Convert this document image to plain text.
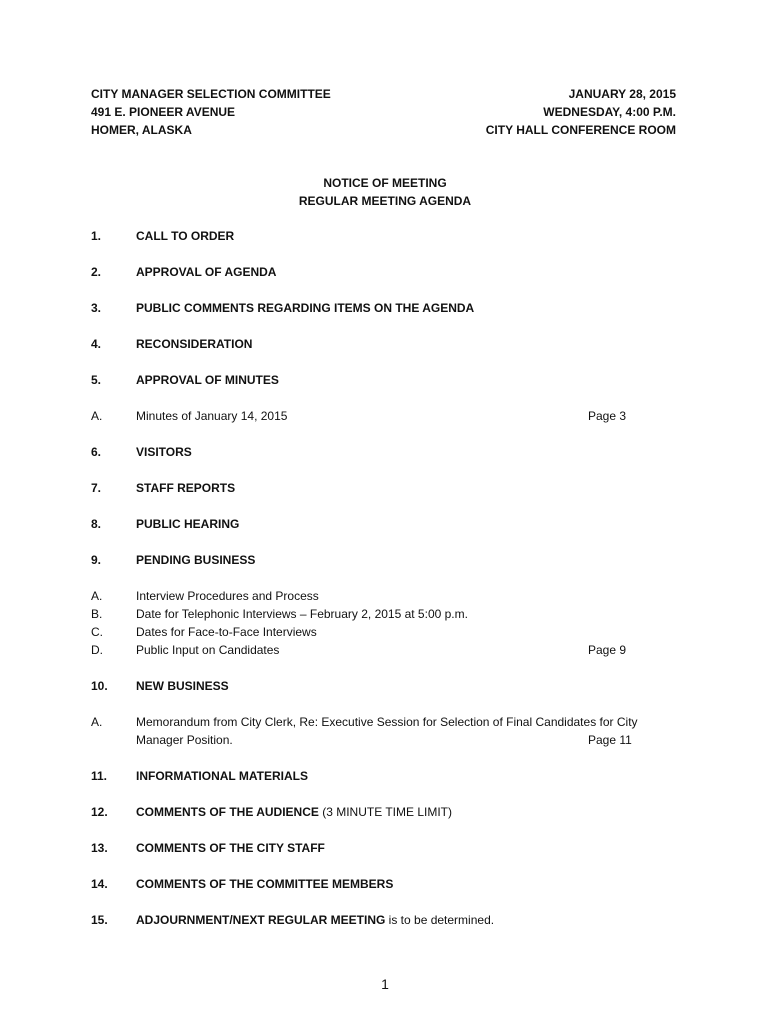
CITY MANAGER SELECTION COMMITTEE
491 E. PIONEER AVENUE
HOMER, ALASKA
JANUARY 28, 2015
WEDNESDAY, 4:00 P.M.
CITY HALL CONFERENCE ROOM
NOTICE OF MEETING
REGULAR MEETING AGENDA
1.	CALL TO ORDER
2.	APPROVAL OF AGENDA
3.	PUBLIC COMMENTS REGARDING ITEMS ON THE AGENDA
4.	RECONSIDERATION
5.	APPROVAL OF MINUTES
A.	Minutes of January 14, 2015	Page 3
6.	VISITORS
7.	STAFF REPORTS
8.	PUBLIC HEARING
9.	PENDING BUSINESS
A.	Interview Procedures and Process
B.	Date for Telephonic Interviews – February 2, 2015 at 5:00 p.m.
C.	Dates for Face-to-Face Interviews
D.	Public Input on Candidates	Page 9
10. NEW BUSINESS
A.	Memorandum from City Clerk, Re: Executive Session for Selection of Final Candidates for City
Manager Position.	Page 11
11. INFORMATIONAL MATERIALS
12. COMMENTS OF THE AUDIENCE (3 MINUTE TIME LIMIT)
13. COMMENTS OF THE CITY STAFF
14. COMMENTS OF THE COMMITTEE MEMBERS
15. ADJOURNMENT/NEXT REGULAR MEETING is to be determined.
1
